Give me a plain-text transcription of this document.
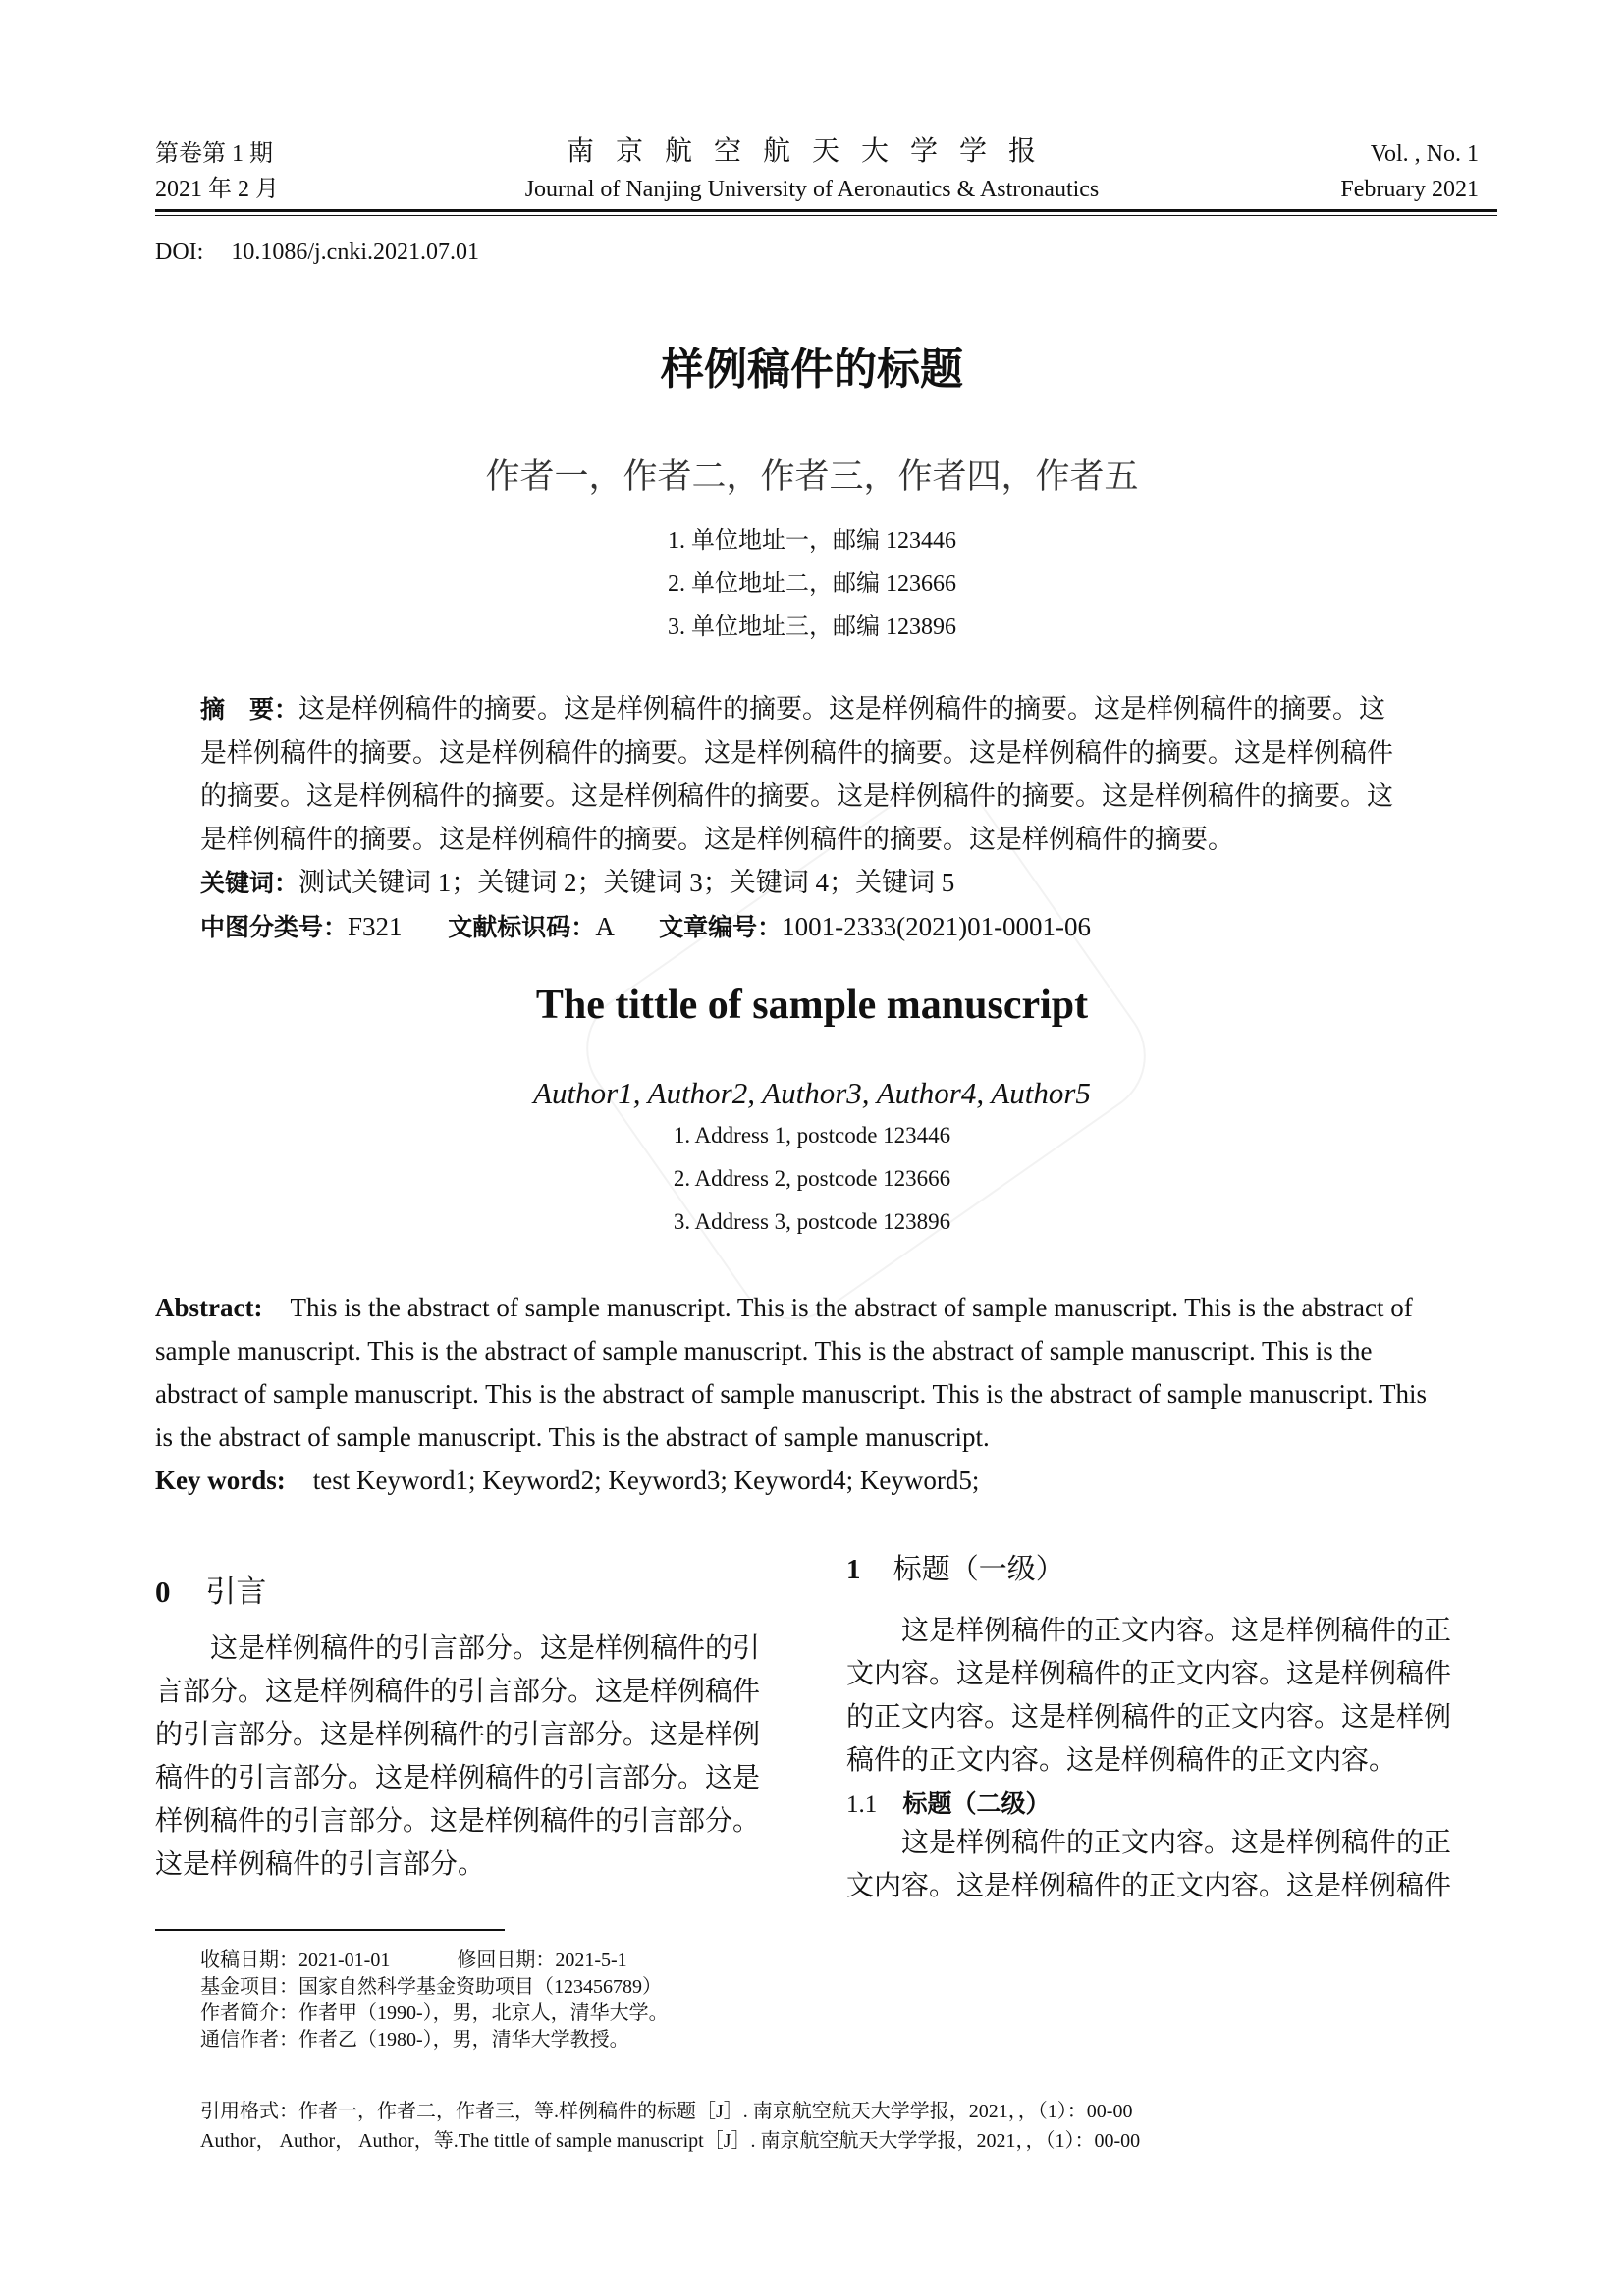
第卷第 1 期
2021 年 2 月
南京航空航天大学学报
Journal of Nanjing University of Aeronautics & Astronautics
Vol. , No. 1
February 2021
DOI: 10.1086/j.cnki.2021.07.01
样例稿件的标题
作者一，作者二，作者三，作者四，作者五
1. 单位地址一，邮编 123446
2. 单位地址二，邮编 123666
3. 单位地址三，邮编 123896
摘　要：这是样例稿件的摘要。这是样例稿件的摘要。这是样例稿件的摘要。这是样例稿件的摘要。这
是样例稿件的摘要。这是样例稿件的摘要。这是样例稿件的摘要。这是样例稿件的摘要。这是样例稿件
的摘要。这是样例稿件的摘要。这是样例稿件的摘要。这是样例稿件的摘要。这是样例稿件的摘要。这
是样例稿件的摘要。这是样例稿件的摘要。这是样例稿件的摘要。这是样例稿件的摘要。
关键词：测试关键词 1；关键词 2；关键词 3；关键词 4；关键词 5
中图分类号：F321 文献标识码：A 文章编号：1001-2333(2021)01-0001-06
The tittle of sample manuscript
Author1, Author2, Author3, Author4, Author5
1. Address 1, postcode 123446
2. Address 2, postcode 123666
3. Address 3, postcode 123896
Abstract: This is the abstract of sample manuscript. This is the abstract of sample manuscript. This is the abstract of
sample manuscript. This is the abstract of sample manuscript. This is the abstract of sample manuscript. This is the
abstract of sample manuscript. This is the abstract of sample manuscript. This is the abstract of sample manuscript. This
is the abstract of sample manuscript. This is the abstract of sample manuscript.
Key words: test Keyword1; Keyword2; Keyword3; Keyword4; Keyword5;
0 引言
　　这是样例稿件的引言部分。这是样例稿件的引
言部分。这是样例稿件的引言部分。这是样例稿件
的引言部分。这是样例稿件的引言部分。这是样例
稿件的引言部分。这是样例稿件的引言部分。这是
样例稿件的引言部分。这是样例稿件的引言部分。
这是样例稿件的引言部分。
1 标题（一级）
　　这是样例稿件的正文内容。这是样例稿件的正
文内容。这是样例稿件的正文内容。这是样例稿件
的正文内容。这是样例稿件的正文内容。这是样例
稿件的正文内容。这是样例稿件的正文内容。
1.1 标题（二级）
　　这是样例稿件的正文内容。这是样例稿件的正
文内容。这是样例稿件的正文内容。这是样例稿件
收稿日期：2021-01-01	修回日期：2021-5-1
基金项目：国家自然科学基金资助项目（123456789）
作者简介：作者甲（1990-），男，北京人，清华大学。
通信作者：作者乙（1980-），男，清华大学教授。
引用格式：作者一，作者二，作者三，等.样例稿件的标题［J］. 南京航空航天大学学报，2021，，（1）：00-00
Author， Author， Author，等.The tittle of sample manuscript［J］. 南京航空航天大学学报，2021，，（1）：00-00
